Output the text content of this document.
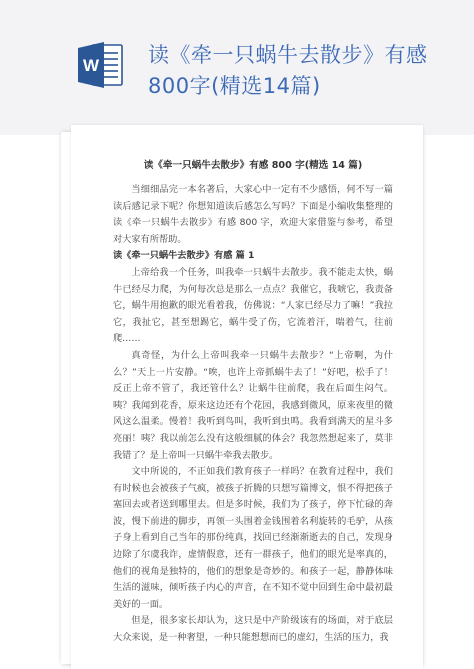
W 读《牵一只蜗牛去散步》有感
800字(精选14篇)

读《牵一只蜗牛去散步》有感 800 字(精选 14 篇)

当细细品完一本名著后，大家心中一定有不少感悟，何不写一篇读后感记录下呢？你想知道读后感怎么写吗？下面是小编收集整理的读《牵一只蜗牛去散步》有感 800 字，欢迎大家借鉴与参考，希望对大家有所帮助。

读《牵一只蜗牛去散步》有感 篇 1

上帝给我一个任务，叫我牵一只蜗牛去散步。我不能走太快，蜗牛已经尽力爬，为何每次总是那么一点点？我催它，我唬它，我责备它，蜗牛用抱歉的眼光看着我，仿佛说：“人家已经尽力了嘛！”我拉它，我扯它，甚至想踢它，蜗牛受了伤，它流着汗，喘着气，往前爬……

真奇怪，为什么上帝叫我牵一只蜗牛去散步？“上帝啊，为什么？”天上一片安静。“唉，也许上帝抓蜗牛去了！”好吧，松手了！反正上帝不管了，我还管什么？让蜗牛往前爬，我在后面生闷气。咦？我闻到花香，原来这边还有个花园，我感到微风，原来夜里的微风这么温柔。慢着！我听到鸟叫，我听到虫鸣。我看到满天的星斗多亮丽！咦？我以前怎么没有这般细腻的体会？我忽然想起来了，莫非我错了？是上帝叫一只蜗牛牵我去散步。

文中所说的，不正如我们教育孩子一样吗？在教育过程中，我们有时候也会被孩子气疯，被孩子折腾的只想写篇博文，恨不得把孩子塞回去或者送到哪里去。但是多时候，我们为了孩子，停下忙碌的奔波，慢下前进的脚步，再领一头围着金钱围着名利旋转的毛驴，从孩子身上看到自己当年的那份纯真，找回已经渐渐逝去的自己，发现身边除了尔虞我诈，虚情假意，还有一群孩子，他们的眼光是率真的，他们的视角是独特的，他们的想象是奇妙的。和孩子一起，静静体味生活的滋味，倾听孩子内心的声音，在不知不觉中回到生命中最初最美好的一面。

但是，很多家长却认为，这只是中产阶级该有的场面，对于底层大众来说，是一种奢望，一种只能想想而已的虚幻，生活的压力，我
